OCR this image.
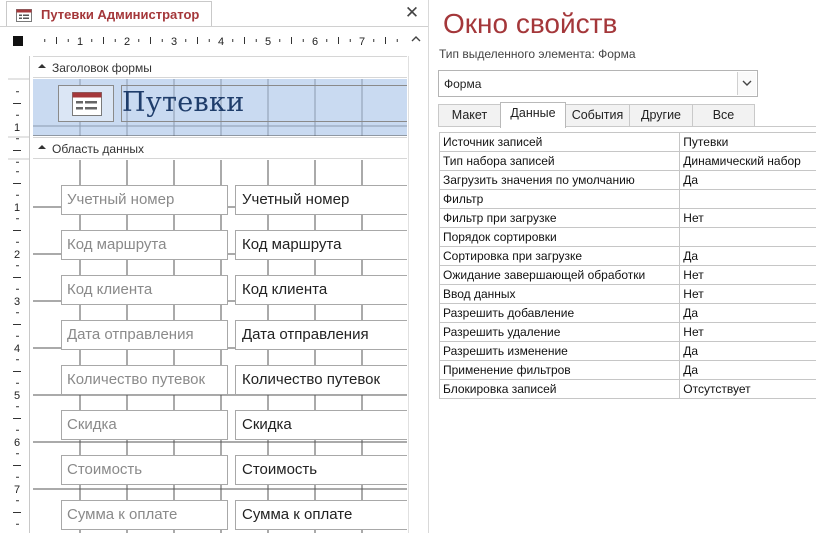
Путевки Администратор	✕
1	2	3	4	5	6	7
1
1
2
3
4
5
6
7
Заголовок формы
Путевки
Область данных
Учетный номер	Учетный номер
Код маршрута	Код маршрута
Код клиента	Код клиента
Дата отправления	Дата отправления
Количество путевок	Количество путевок
Скидка	Скидка
Стоимость	Стоимость
Сумма к оплате	Сумма к оплате
Окно свойств
Тип выделенного элемента: Форма
Форма
Макет	Данные	События	Другие	Все
Источник записей	Путевки
Тип набора записей	Динамический набор
Загрузить значения по умолчанию	Да
Фильтр	
Фильтр при загрузке	Нет
Порядок сортировки	
Сортировка при загрузке	Да
Ожидание завершающей обработки	Нет
Ввод данных	Нет
Разрешить добавление	Да
Разрешить удаление	Нет
Разрешить изменение	Да
Применение фильтров	Да
Блокировка записей	Отсутствует
